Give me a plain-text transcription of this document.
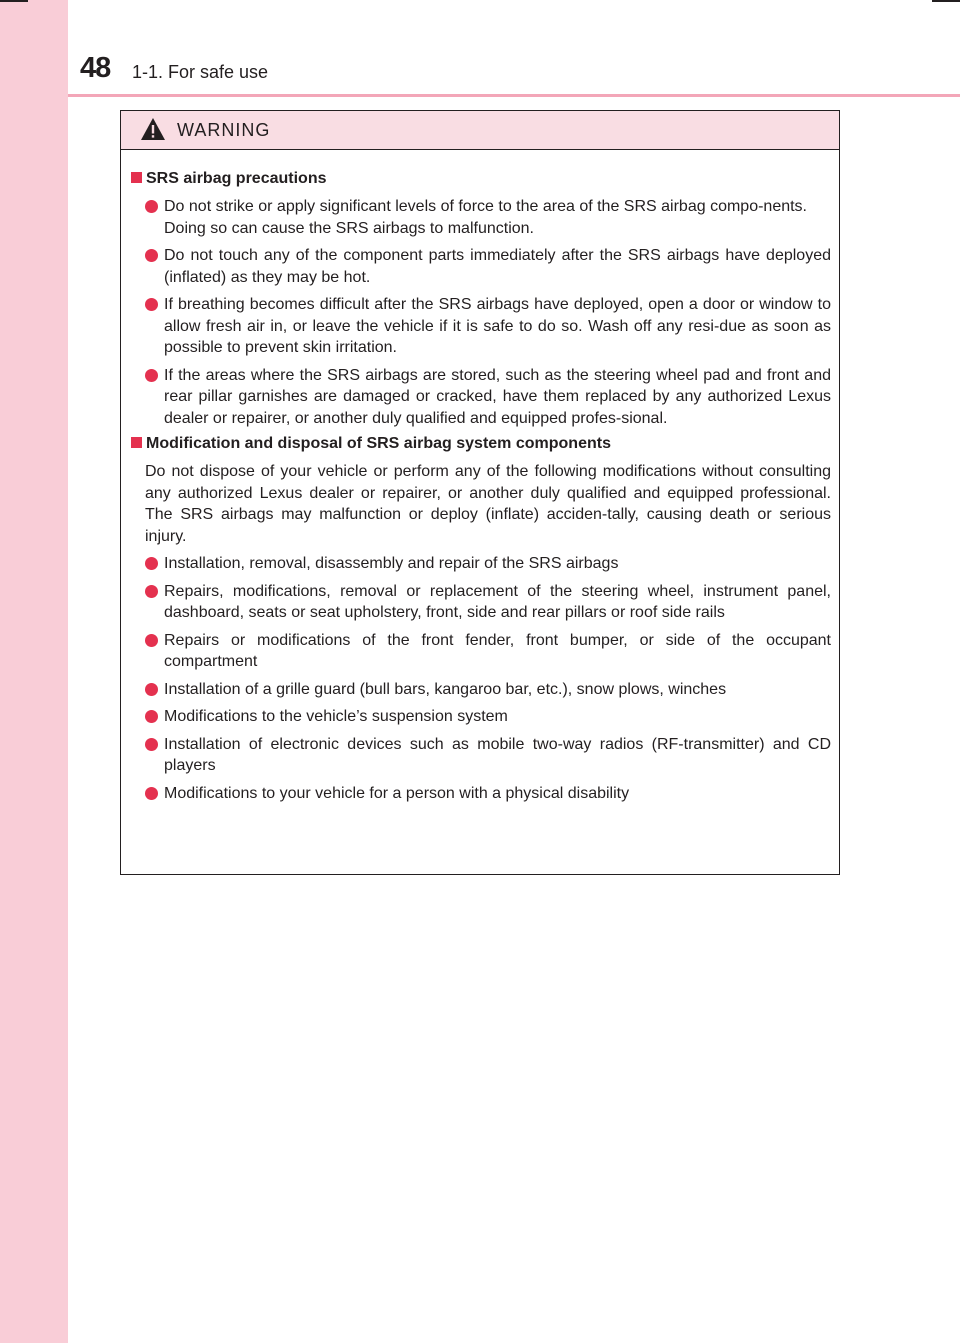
48 1-1. For safe use
WARNING
SRS airbag precautions
Do not strike or apply significant levels of force to the area of the SRS airbag compo-nents.
Doing so can cause the SRS airbags to malfunction.
Do not touch any of the component parts immediately after the SRS airbags have deployed (inflated) as they may be hot.
If breathing becomes difficult after the SRS airbags have deployed, open a door or window to allow fresh air in, or leave the vehicle if it is safe to do so. Wash off any resi-due as soon as possible to prevent skin irritation.
If the areas where the SRS airbags are stored, such as the steering wheel pad and front and rear pillar garnishes are damaged or cracked, have them replaced by any authorized Lexus dealer or repairer, or another duly qualified and equipped profes-sional.
Modification and disposal of SRS airbag system components
Do not dispose of your vehicle or perform any of the following modifications without consulting any authorized Lexus dealer or repairer, or another duly qualified and equipped professional. The SRS airbags may malfunction or deploy (inflate) acciden-tally, causing death or serious injury.
Installation, removal, disassembly and repair of the SRS airbags
Repairs, modifications, removal or replacement of the steering wheel, instrument panel, dashboard, seats or seat upholstery, front, side and rear pillars or roof side rails
Repairs or modifications of the front fender, front bumper, or side of the occupant compartment
Installation of a grille guard (bull bars, kangaroo bar, etc.), snow plows, winches
Modifications to the vehicle’s suspension system
Installation of electronic devices such as mobile two-way radios (RF-transmitter) and CD players
Modifications to your vehicle for a person with a physical disability
